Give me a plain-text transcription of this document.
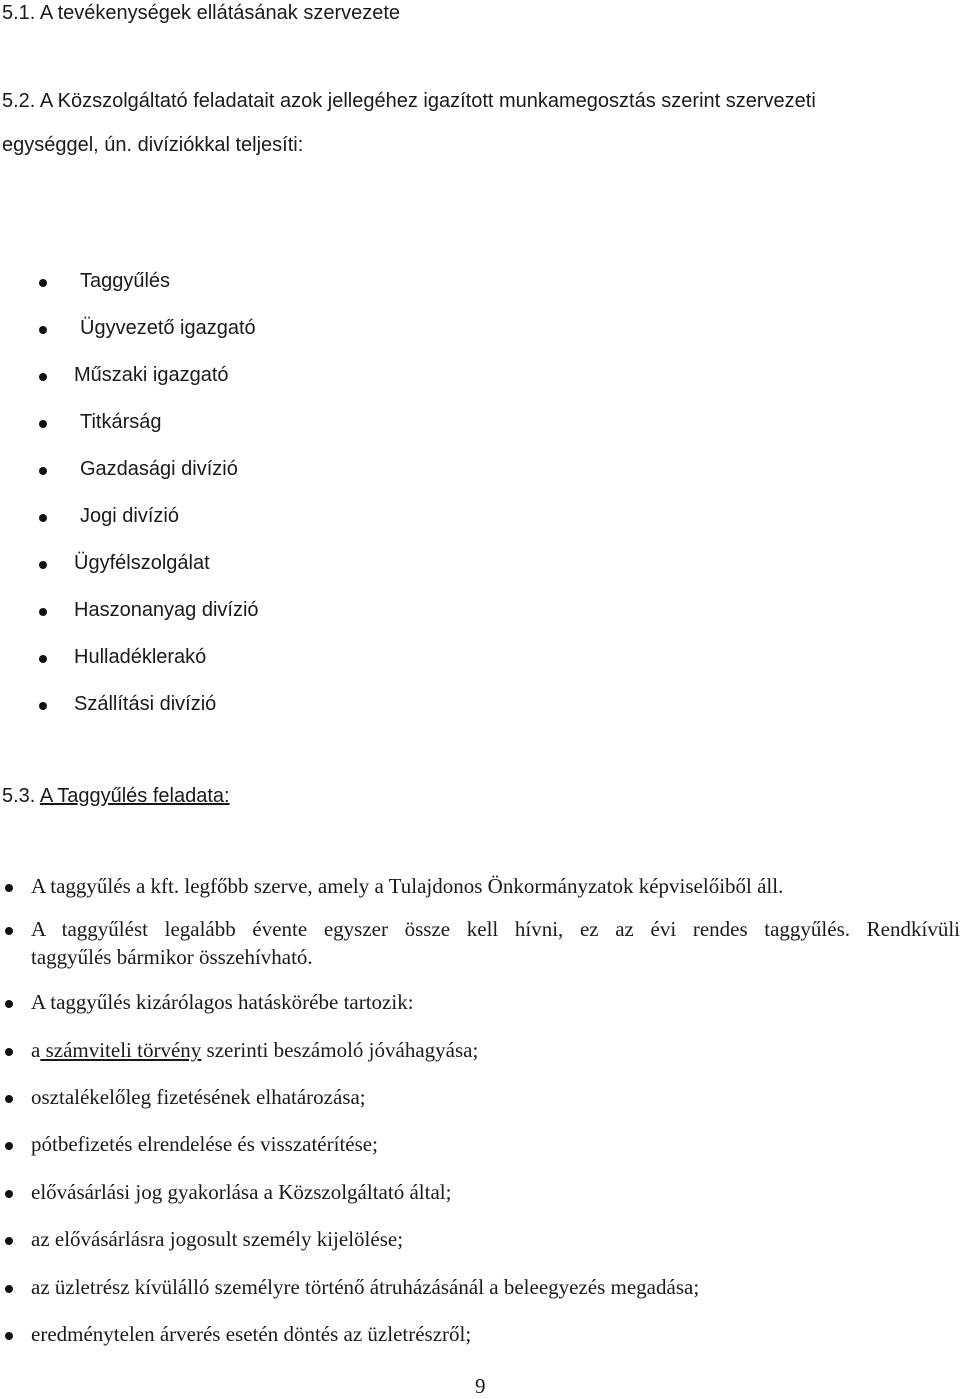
5.1. A tevékenységek ellátásának szervezete
5.2. A Közszolgáltató feladatait azok jellegéhez igazított munkamegosztás szerint szervezeti
egységgel, ún. divíziókkal teljesíti:
Taggyűlés
Ügyvezető igazgató
Műszaki igazgató
Titkárság
Gazdasági divízió
Jogi divízió
Ügyfélszolgálat
Haszonanyag divízió
Hulladéklerakó
Szállítási divízió
5.3. A Taggyűlés feladata:
A taggyűlés a kft. legfőbb szerve, amely a Tulajdonos Önkormányzatok képviselőiből áll.
A taggyűlést legalább évente egyszer össze kell hívni, ez az évi rendes taggyűlés. Rendkívüli
taggyűlés bármikor összehívható.
A taggyűlés kizárólagos hatáskörébe tartozik:
a számviteli törvény szerinti beszámoló jóváhagyása;
osztalékelőleg fizetésének elhatározása;
pótbefizetés elrendelése és visszatérítése;
elővásárlási jog gyakorlása a Közszolgáltató által;
az elővásárlásra jogosult személy kijelölése;
az üzletrész kívülálló személyre történő átruházásánál a beleegyezés megadása;
eredménytelen árverés esetén döntés az üzletrészről;
9
